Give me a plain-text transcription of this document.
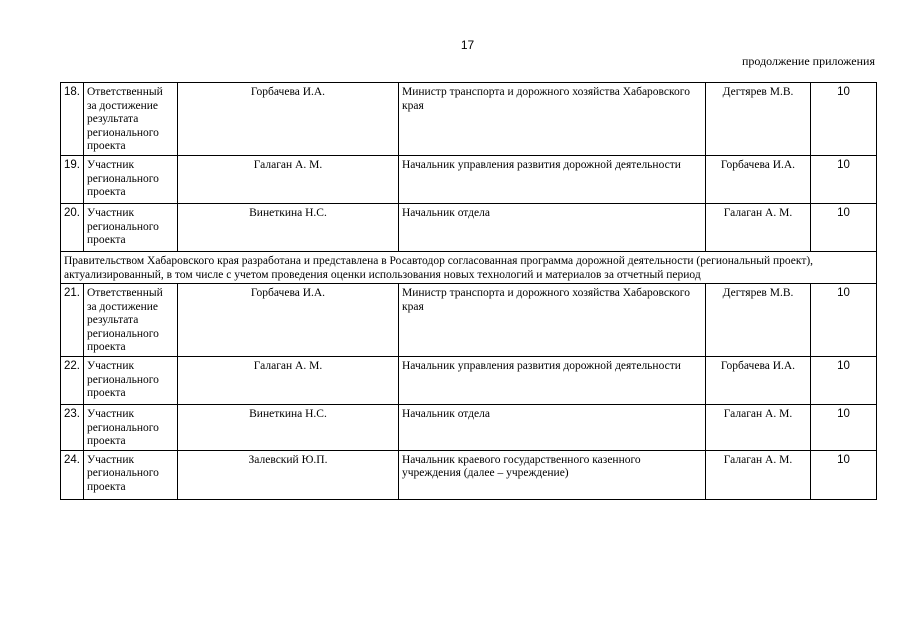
17
продолжение приложения
18.	Ответственный за достижение результата регионального проекта	Горбачева И.А.	Министр транспорта и дорожного хозяйства Хабаровского края	Дегтярев М.В.	10
19.	Участник регионального проекта	Галаган А. М.	Начальник управления развития дорожной деятельности	Горбачева И.А.	10
20.	Участник регионального проекта	Винеткина Н.С.	Начальник отдела	Галаган А. М.	10
Правительством Хабаровского края разработана и представлена в Росавтодор согласованная программа дорожной деятельности (региональный проект), актуализированный, в том числе с учетом проведения оценки использования новых технологий и материалов за отчетный период					
21.	Ответственный за достижение результата регионального проекта	Горбачева И.А.	Министр транспорта и дорожного хозяйства Хабаровского края	Дегтярев М.В.	10
22.	Участник регионального проекта	Галаган А. М.	Начальник управления развития дорожной деятельности	Горбачева И.А.	10
23.	Участник регионального проекта	Винеткина Н.С.	Начальник отдела	Галаган А. М.	10
24.	Участник регионального проекта	Залевский Ю.П.	Начальник краевого государственного казенного учреждения (далее – учреждение)	Галаган А. М.	10
